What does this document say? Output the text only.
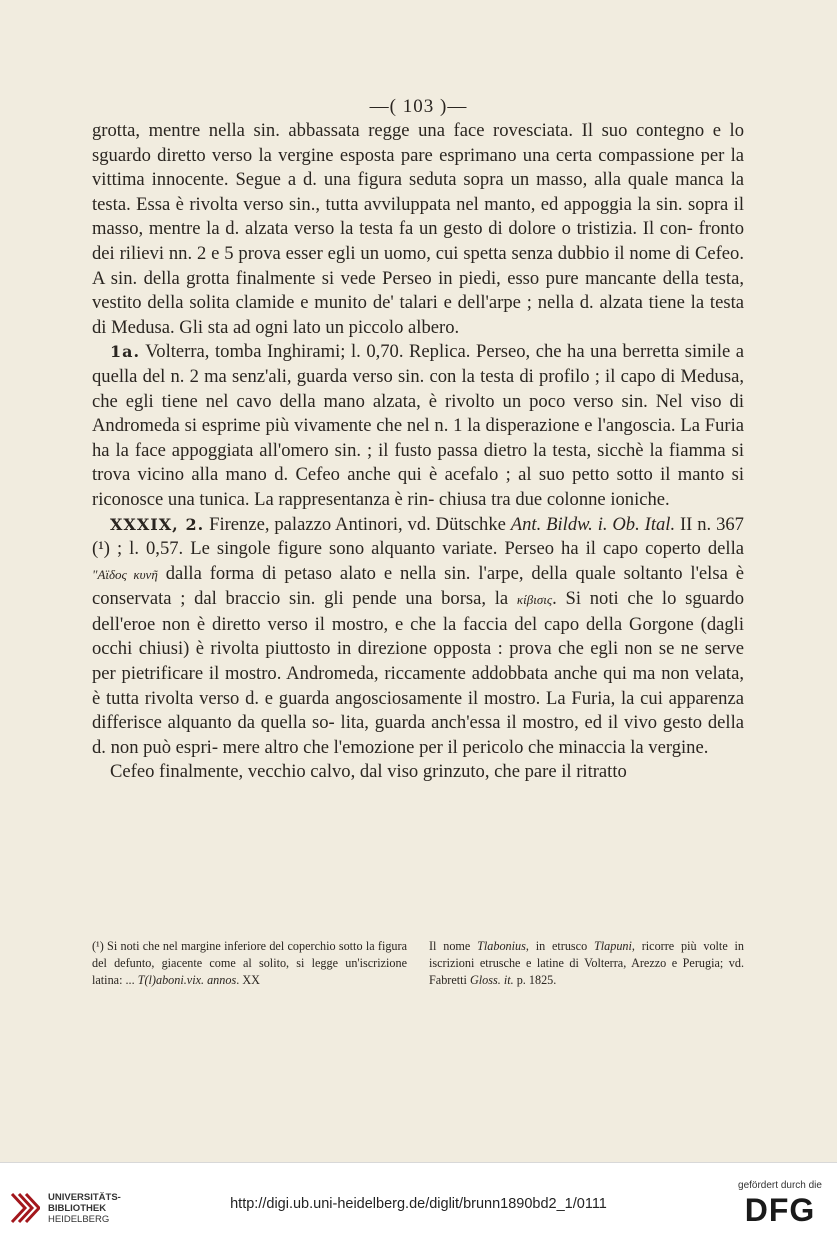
—( 103 )—

grotta, mentre nella sin. abbassata regge una face rovesciata. Il suo contegno e lo sguardo diretto verso la vergine esposta pare esprimano una certa compassione per la vittima innocente. Segue a d. una figura seduta sopra un masso, alla quale manca la testa. Essa è rivolta verso sin., tutta avviluppata nel manto, ed appoggia la sin. sopra il masso, mentre la d. alzata verso la testa fa un gesto di dolore o tristizia. Il con- fronto dei rilievi nn. 2 e 5 prova esser egli un uomo, cui spetta senza dubbio il nome di Cefeo. A sin. della grotta finalmente si vede Perseo in piedi, esso pure mancante della testa, vestito della solita clamide e munito de' talari e dell'arpe ; nella d. alzata tiene la testa di Medusa. Gli sta ad ogni lato un piccolo albero.

1a. Volterra, tomba Inghirami; l. 0,70. Replica. Perseo, che ha una berretta simile a quella del n. 2 ma senz'ali, guarda verso sin. con la testa di profilo ; il capo di Medusa, che egli tiene nel cavo della mano alzata, è rivolto un poco verso sin. Nel viso di Andromeda si esprime più vivamente che nel n. 1 la disperazione e l'angoscia. La Furia ha la face appoggiata all'omero sin. ; il fusto passa dietro la testa, sicchè la fiamma si trova vicino alla mano d. Cefeo anche qui è acefalo ; al suo petto sotto il manto si riconosce una tunica. La rappresentanza è rin- chiusa tra due colonne ioniche.

XXXIX, 2. Firenze, palazzo Antinori, vd. Dütschke Ant. Bildw. i. Ob. Ital. II n. 367 (¹) ; l. 0,57. Le singole figure sono alquanto variate. Perseo ha il capo coperto della "Αϊδος κυνῆ dalla forma di petaso alato e nella sin. l'arpe, della quale soltanto l'elsa è conservata ; dal braccio sin. gli pende una borsa, la κίβισις. Si noti che lo sguardo dell'eroe non è diretto verso il mostro, e che la faccia del capo della Gorgone (dagli occhi chiusi) è rivolta piuttosto in direzione opposta : prova che egli non se ne serve per pietrificare il mostro. Andromeda, riccamente addobbata anche qui ma non velata, è tutta rivolta verso d. e guarda angosciosamente il mostro. La Furia, la cui apparenza differisce alquanto da quella so- lita, guarda anch'essa il mostro, ed il vivo gesto della d. non può espri- mere altro che l'emozione per il pericolo che minaccia la vergine.

Cefeo finalmente, vecchio calvo, dal viso grinzuto, che pare il ritratto

(¹) Si noti che nel margine inferiore del coperchio sotto la figura del defunto, giacente come al solito, si legge un'iscrizione latina: ... T(l)aboni.vix. annos. XX
Il nome Tlabonius, in etrusco Tlapuni, ricorre più volte in iscrizioni etrusche e latine di Volterra, Arezzo e Perugia; vd. Fabretti Gloss. it. p. 1825.
UNIVERSITÄTS-
BIBLIOTHEK
HEIDELBERG
http://digi.ub.uni-heidelberg.de/diglit/brunn1890bd2_1/0111
gefördert durch die
DFG
